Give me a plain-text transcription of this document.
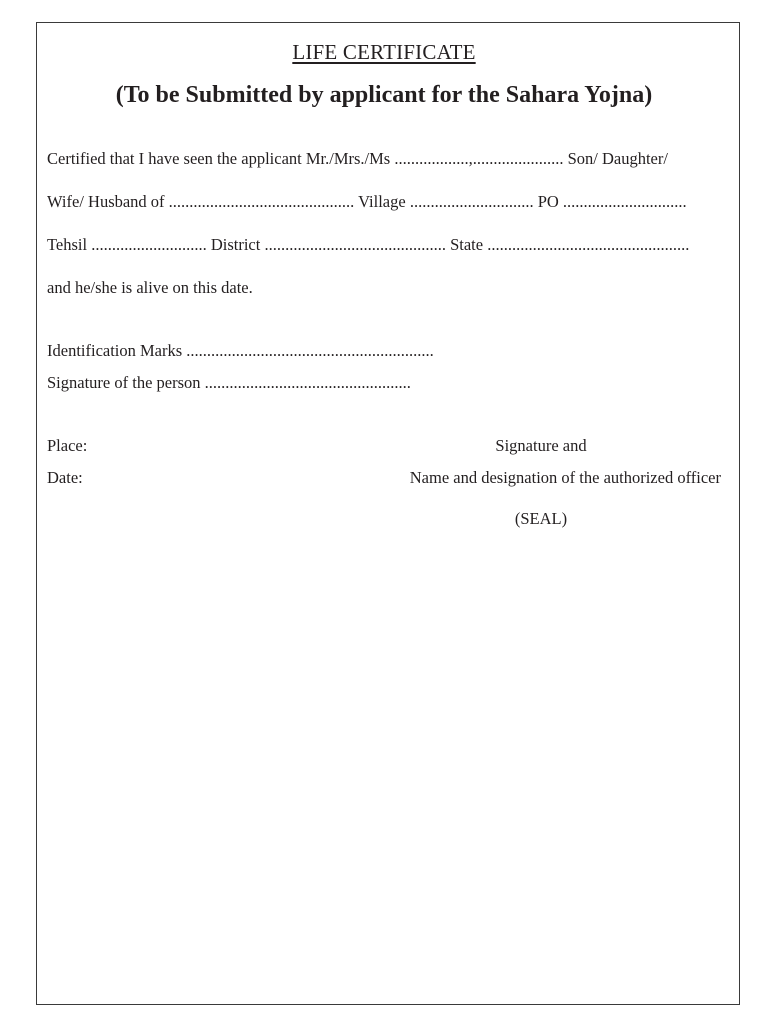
LIFE CERTIFICATE
(To be Submitted by applicant for the Sahara Yojna)
Certified that I have seen the applicant Mr./Mrs./Ms ..................,...................... Son/ Daughter/
Wife/ Husband of ............................................. Village .............................. PO ..............................
Tehsil ............................ District ............................................ State .................................................
and he/she is alive on this date.
Identification Marks ............................................................
Signature of the person ..................................................
Place:
Date:
Signature and
Name and designation of the authorized officer
(SEAL)
